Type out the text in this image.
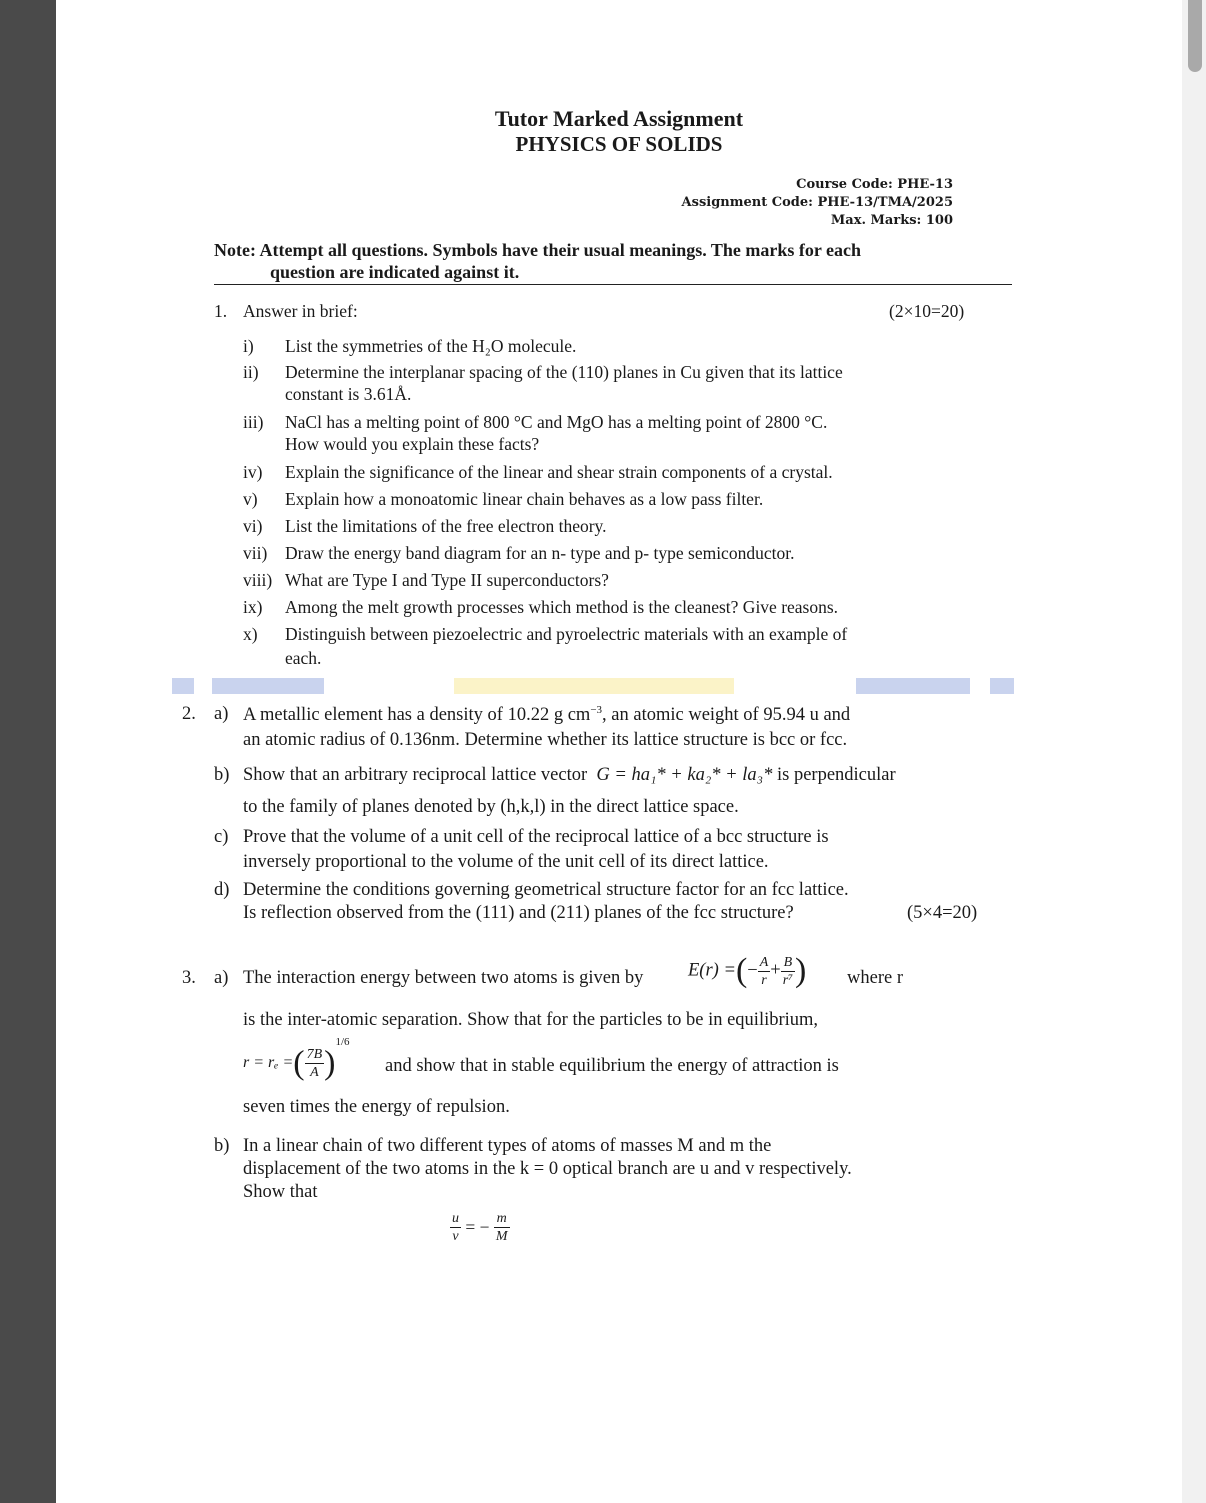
Tutor Marked Assignment
PHYSICS OF SOLIDS
Course Code: PHE-13
Assignment Code: PHE-13/TMA/2025
Max. Marks: 100
Note: Attempt all questions. Symbols have their usual meanings. The marks for each
question are indicated against it.
1. Answer in brief:	(2×10=20)
i) List the symmetries of the H₂O molecule.
ii) Determine the interplanar spacing of the (110) planes in Cu given that its lattice
constant is 3.61Å.
iii) NaCl has a melting point of 800 °C and MgO has a melting point of 2800 °C.
How would you explain these facts?
iv) Explain the significance of the linear and shear strain components of a crystal.
v) Explain how a monoatomic linear chain behaves as a low pass filter.
vi) List the limitations of the free electron theory.
vii) Draw the energy band diagram for an n- type and p- type semiconductor.
viii) What are Type I and Type II superconductors?
ix) Among the melt growth processes which method is the cleanest? Give reasons.
x) Distinguish between piezoelectric and pyroelectric materials with an example of
each.
2. a) A metallic element has a density of 10.22 g $cm^{-3}$, an atomic weight of 95.94 u and
an atomic radius of 0.136nm. Determine whether its lattice structure is bcc or fcc.
b) Show that an arbitrary reciprocal lattice vector G = ha₁* + ka₂* + la₃* is perpendicular
to the family of planes denoted by (h,k,l) in the direct lattice space.
c) Prove that the volume of a unit cell of the reciprocal lattice of a bcc structure is
inversely proportional to the volume of the unit cell of its direct lattice.
d) Determine the conditions governing geometrical structure factor for an fcc lattice.
Is reflection observed from the (111) and (211) planes of the fcc structure?	(5×4=20)
3. a) The interaction energy between two atoms is given by E(r) =(− $\frac{A}{r} + \frac{B}{\text{r⁷}}$ ) where r
is the inter-atomic separation. Show that for the particles to be in equilibrium,
r = rₑ =( $\frac{7B}{A} )^{1/6}$
and show that in stable equilibrium the energy of attraction is
seven times the energy of repulsion.
b) In a linear chain of two different types of atoms of masses M and m the
displacement of the two atoms in the k = 0 optical branch are u and v respectively.
Show that
$\frac{u}{v}$ = − $\frac{m}{M}$
